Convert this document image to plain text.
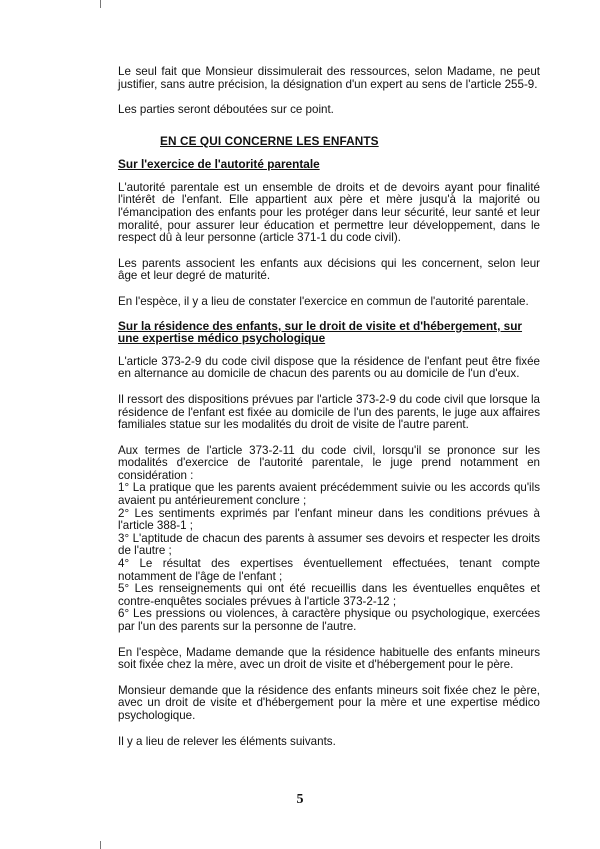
Le seul fait que Monsieur dissimulerait des ressources, selon Madame, ne peut justifier, sans autre précision, la désignation d'un expert au sens de l'article 255-9.

Les parties seront déboutées sur ce point.

EN CE QUI CONCERNE LES ENFANTS

Sur l'exercice de l'autorité parentale

L'autorité parentale est un ensemble de droits et de devoirs ayant pour finalité l'intérêt de l'enfant. Elle appartient aux père et mère jusqu'à la majorité ou l'émancipation des enfants pour les protéger dans leur sécurité, leur santé et leur moralité, pour assurer leur éducation et permettre leur développement, dans le respect dû à leur personne (article 371-1 du code civil).

Les parents associent les enfants aux décisions qui les concernent, selon leur âge et leur degré de maturité.

En l'espèce, il y a lieu de constater l'exercice en commun de l'autorité parentale.

Sur la résidence des enfants, sur le droit de visite et d'hébergement, sur une expertise médico psychologique

L'article 373-2-9 du code civil dispose que la résidence de l'enfant peut être fixée en alternance au domicile de chacun des parents ou au domicile de l'un d'eux.

Il ressort des dispositions prévues par l'article 373-2-9 du code civil que lorsque la résidence de l'enfant est fixée au domicile de l'un des parents, le juge aux affaires familiales statue sur les modalités du droit de visite de l'autre parent.

Aux termes de l'article 373-2-11 du code civil, lorsqu'il se prononce sur les modalités d'exercice de l'autorité parentale, le juge prend notamment en considération :

1° La pratique que les parents avaient précédemment suivie ou les accords qu'ils avaient pu antérieurement conclure ;
2° Les sentiments exprimés par l'enfant mineur dans les conditions prévues à l'article 388-1 ;
3° L'aptitude de chacun des parents à assumer ses devoirs et respecter les droits de l'autre ;
4° Le résultat des expertises éventuellement effectuées, tenant compte notamment de l'âge de l'enfant ;
5° Les renseignements qui ont été recueillis dans les éventuelles enquêtes et contre-enquêtes sociales prévues à l'article 373-2-12 ;
6° Les pressions ou violences, à caractère physique ou psychologique, exercées par l'un des parents sur la personne de l'autre.

En l'espèce, Madame demande que la résidence habituelle des enfants mineurs soit fixée chez la mère, avec un droit de visite et d'hébergement pour le père.

Monsieur demande que la résidence des enfants mineurs soit fixée chez le père, avec un droit de visite et d'hébergement pour la mère et une expertise médico psychologique.

Il y a lieu de relever les éléments suivants.

5
